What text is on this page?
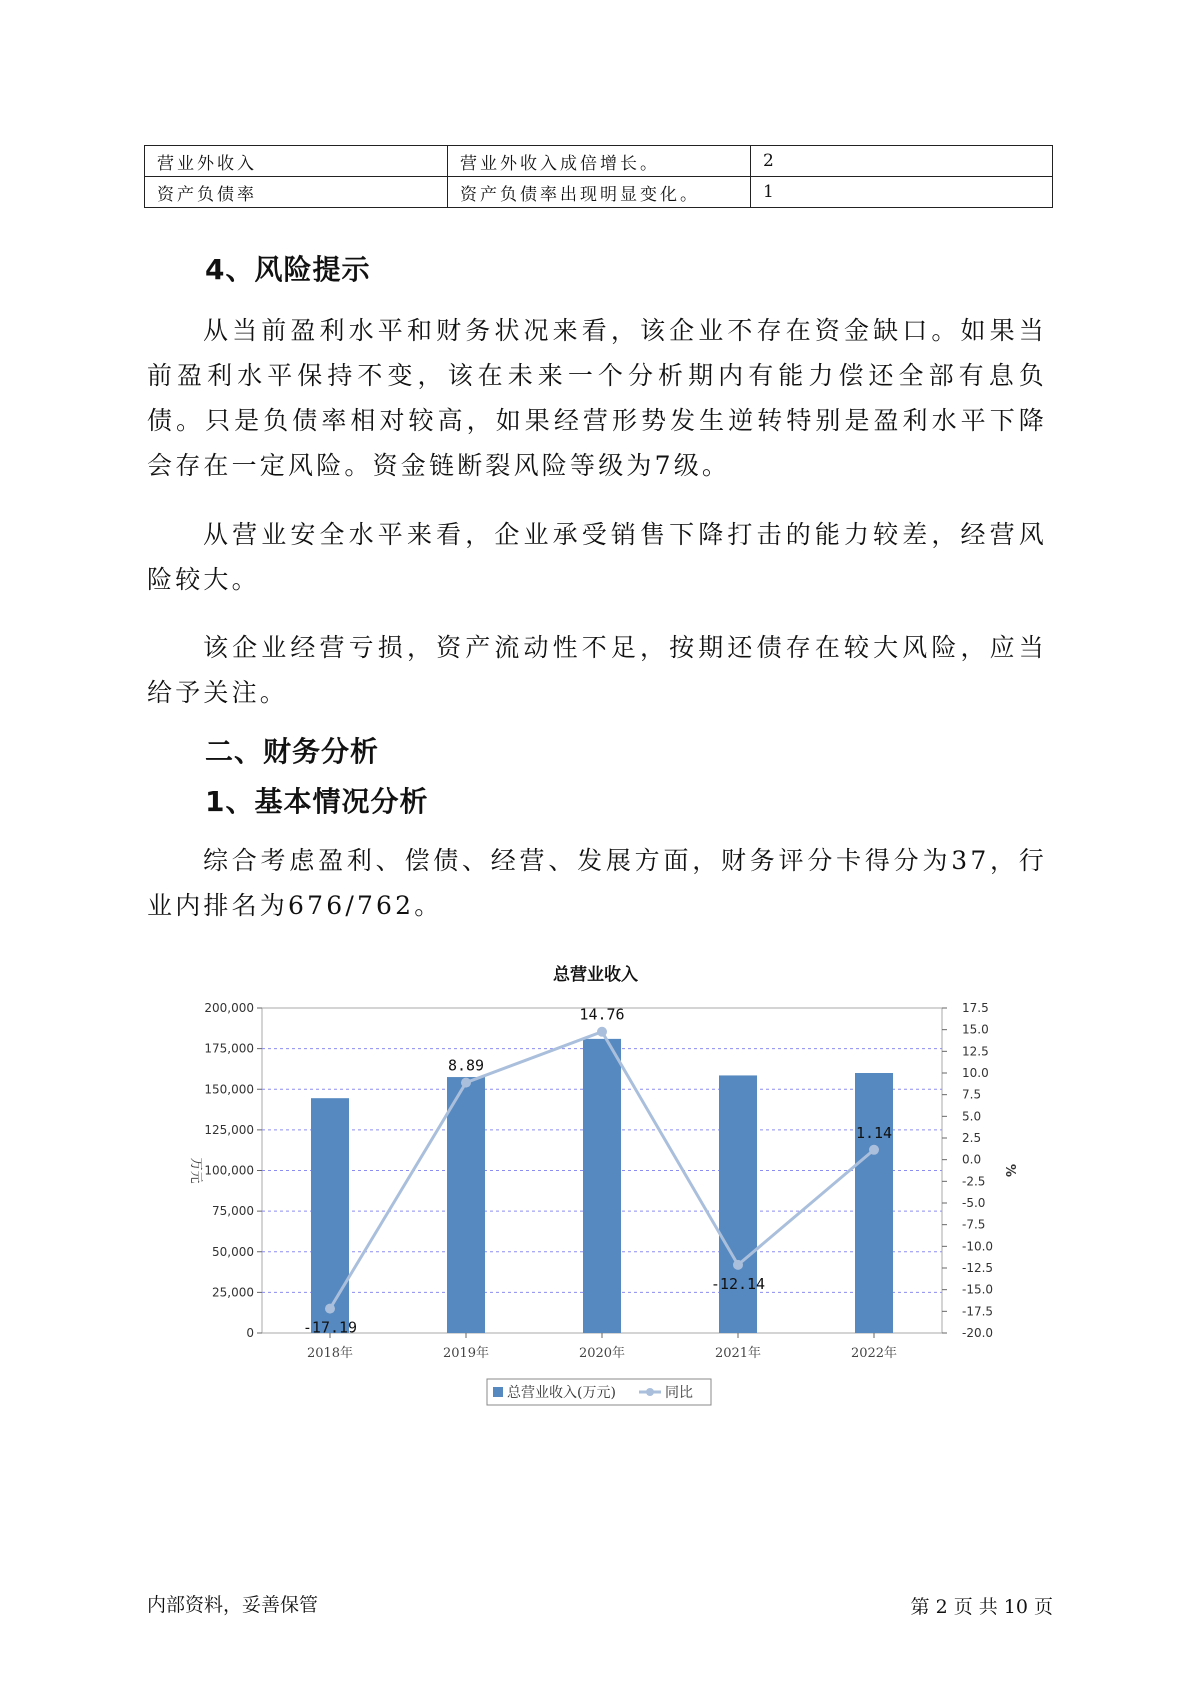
营业外收入	营业外收入成倍增长。	2
资产负债率	资产负债率出现明显变化。	1
4、风险提示

从当前盈利水平和财务状况来看，该企业不存在资金缺口。如果当前盈利水平保持不变，该在未来一个分析期内有能力偿还全部有息负债。只是负债率相对较高，如果经营形势发生逆转特别是盈利水平下降会存在一定风险。资金链断裂风险等级为7级。

从营业安全水平来看，企业承受销售下降打击的能力较差，经营风险较大。

该企业经营亏损，资产流动性不足，按期还债存在较大风险，应当给予关注。

二、财务分析
1、基本情况分析

综合考虑盈利、偿债、经营、发展方面，财务评分卡得分为37，行业内排名为676/762。

总营业收入
0
25,000
50,000
75,000
100,000
125,000
150,000
175,000
200,000
-20.0
-17.5
-15.0
-12.5
-10.0
-7.5
-5.0
-2.5
0.0
2.5
5.0
7.5
10.0
12.5
15.0
17.5
万元	%
2018年	2019年	2020年	2021年	2022年
-17.19
8.89
14.76
-12.14
1.14
总营业收入(万元)	同比
内部资料，妥善保管	第 2 页 共 10 页
